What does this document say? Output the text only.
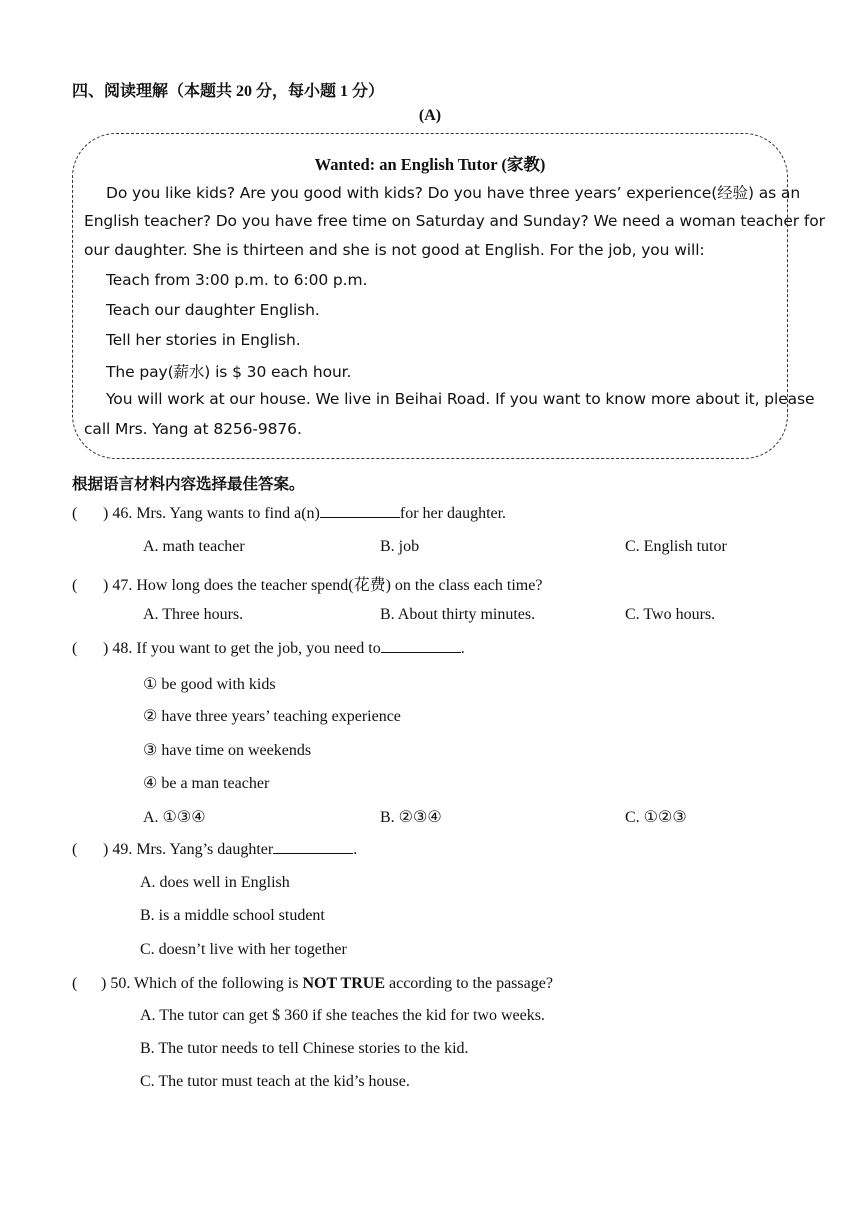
四、阅读理解（本题共 20 分，每小题 1 分）
(A)
Wanted: an English Tutor (家教)
Do you like kids? Are you good with kids? Do you have three years’ experience(经验) as an
English teacher? Do you have free time on Saturday and Sunday? We need a woman teacher for
our daughter. She is thirteen and she is not good at English. For the job, you will:
Teach from 3:00 p.m. to 6:00 p.m.
Teach our daughter English.
Tell her stories in English.
The pay(薪水) is $ 30 each hour.
You will work at our house. We live in Beihai Road. If you want to know more about it, please
call Mrs. Yang at 8256-9876.
根据语言材料内容选择最佳答案。
( ) 46. Mrs. Yang wants to find a(n)	for her daughter.
A. math teacher	B. job	C. English tutor
( ) 47. How long does the teacher spend(花费) on the class each time?
A. Three hours.	B. About thirty minutes.	C. Two hours.
( ) 48. If you want to get the job, you need to	.
① be good with kids
② have three years’ teaching experience
③ have time on weekends
④ be a man teacher
A. ①③④	B. ②③④	C. ①②③
( ) 49. Mrs. Yang’s daughter	.
A. does well in English
B. is a middle school student
C. doesn’t live with her together
( ) 50. Which of the following is NOT TRUE according to the passage?
A. The tutor can get $ 360 if she teaches the kid for two weeks.
B. The tutor needs to tell Chinese stories to the kid.
C. The tutor must teach at the kid’s house.
